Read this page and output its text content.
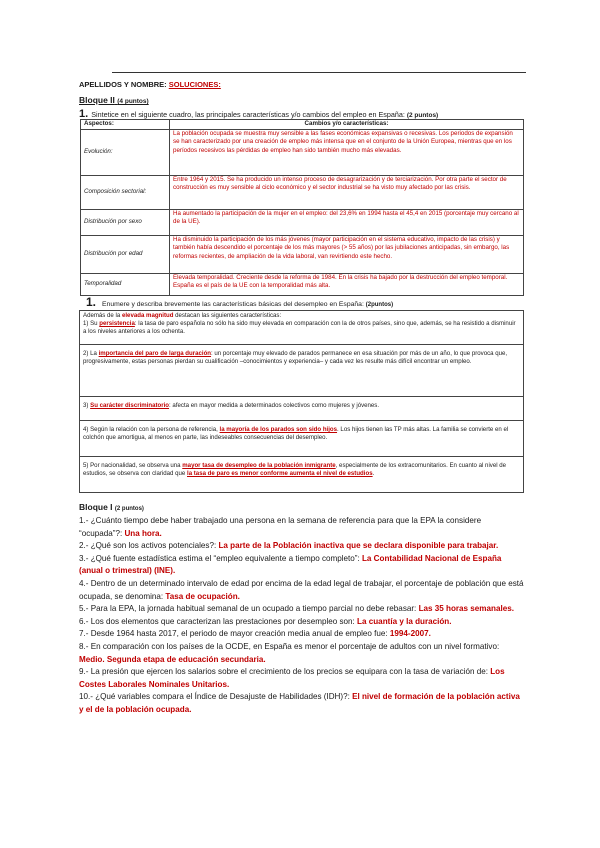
APELLIDOS Y NOMBRE: SOLUCIONES:
Bloque II (4 puntos)
1. Sintetice en el siguiente cuadro, las principales características y/o cambios del empleo en España: (2 puntos)
Aspectos:	Cambios y/o características:
Evolución:	La población ocupada se muestra muy sensible a las fases económicas expansivas o recesivas. Los periodos de expansión se han caracterizado por una creación de empleo más intensa que en el conjunto de la Unión Europea, mientras que en los períodos recesivos las pérdidas de empleo han sido también mucho más elevadas.
Composición sectorial:	Entre 1964 y 2015. Se ha producido un intenso proceso de desagrarización y de terciarización. Por otra parte el sector de construcción es muy sensible al ciclo económico y el sector industrial se ha visto muy afectado por las crisis.
Distribución por sexo	Ha aumentado la participación de la mujer en el empleo: del 23,6% en 1994 hasta el 45,4 en 2015 (porcentaje muy cercano al de la UE).
Distribución por edad	Ha disminuido la participación de los más jóvenes (mayor participación en el sistema educativo, impacto de las crisis) y también había descendido el porcentaje de los más mayores (> 55 años) por las jubilaciones anticipadas, sin embargo, las reformas recientes, de ampliación de la vida laboral, van revirtiendo este hecho.
Temporalidad	Elevada temporalidad. Creciente desde la reforma de 1984. En la crisis ha bajado por la destrucción del empleo temporal. España es el país de la UE con la temporalidad más alta.
1. Enumere y describa brevemente las características básicas del desempleo en España: (2puntos)
Además de la elevada magnitud destacan las siguientes características:
1) Su persistencia: la tasa de paro española no sólo ha sido muy elevada en comparación con la de otros países, sino que, además, se ha resistido a disminuir a los niveles anteriores a los ochenta.
2) La importancia del paro de larga duración: un porcentaje muy elevado de parados permanece en esa situación por más de un año, lo que provoca que, progresivamente, estas personas pierdan su cualificación –conocimientos y experiencia– y cada vez les resulte más difícil encontrar un empleo.
3) Su carácter discriminatorio: afecta en mayor medida a determinados colectivos como mujeres y jóvenes.
4) Según la relación con la persona de referencia, la mayoría de los parados son sido hijos. Los hijos tienen las TP más altas. La familia se convierte en el colchón que amortigua, al menos en parte, las indeseables consecuencias del desempleo.
5) Por nacionalidad, se observa una mayor tasa de desempleo de la población inmigrante, especialmente de los extracomunitarios. En cuanto al nivel de estudios, se observa con claridad que la tasa de paro es menor conforme aumenta el nivel de estudios.
Bloque I (2 puntos)

1.- ¿Cuánto tiempo debe haber trabajado una persona en la semana de referencia para que la EPA la considere “ocupada”?: Una hora.

2.- ¿Qué son los activos potenciales?: La parte de la Población inactiva que se declara disponible para trabajar.

3.- ¿Qué fuente estadística estima el “empleo equivalente a tiempo completo”: La Contabilidad Nacional de España (anual o trimestral) (INE).

4.- Dentro de un determinado intervalo de edad por encima de la edad legal de trabajar, el porcentaje de población que está ocupada, se denomina: Tasa de ocupación.

5.- Para la EPA, la jornada habitual semanal de un ocupado a tiempo parcial no debe rebasar: Las 35 horas semanales.

6.- Los dos elementos que caracterizan las prestaciones por desempleo son: La cuantía y la duración.

7.- Desde 1964 hasta 2017, el periodo de mayor creación media anual de empleo fue: 1994-2007.

8.- En comparación con los países de la OCDE, en España es menor el porcentaje de adultos con un nivel formativo: Medio. Segunda etapa de educación secundaria.

9.- La presión que ejercen los salarios sobre el crecimiento de los precios se equipara con la tasa de variación de: Los Costes Laborales Nominales Unitarios.

10.- ¿Qué variables compara el Índice de Desajuste de Habilidades (IDH)?: El nivel de formación de la población activa y el de la población ocupada.
